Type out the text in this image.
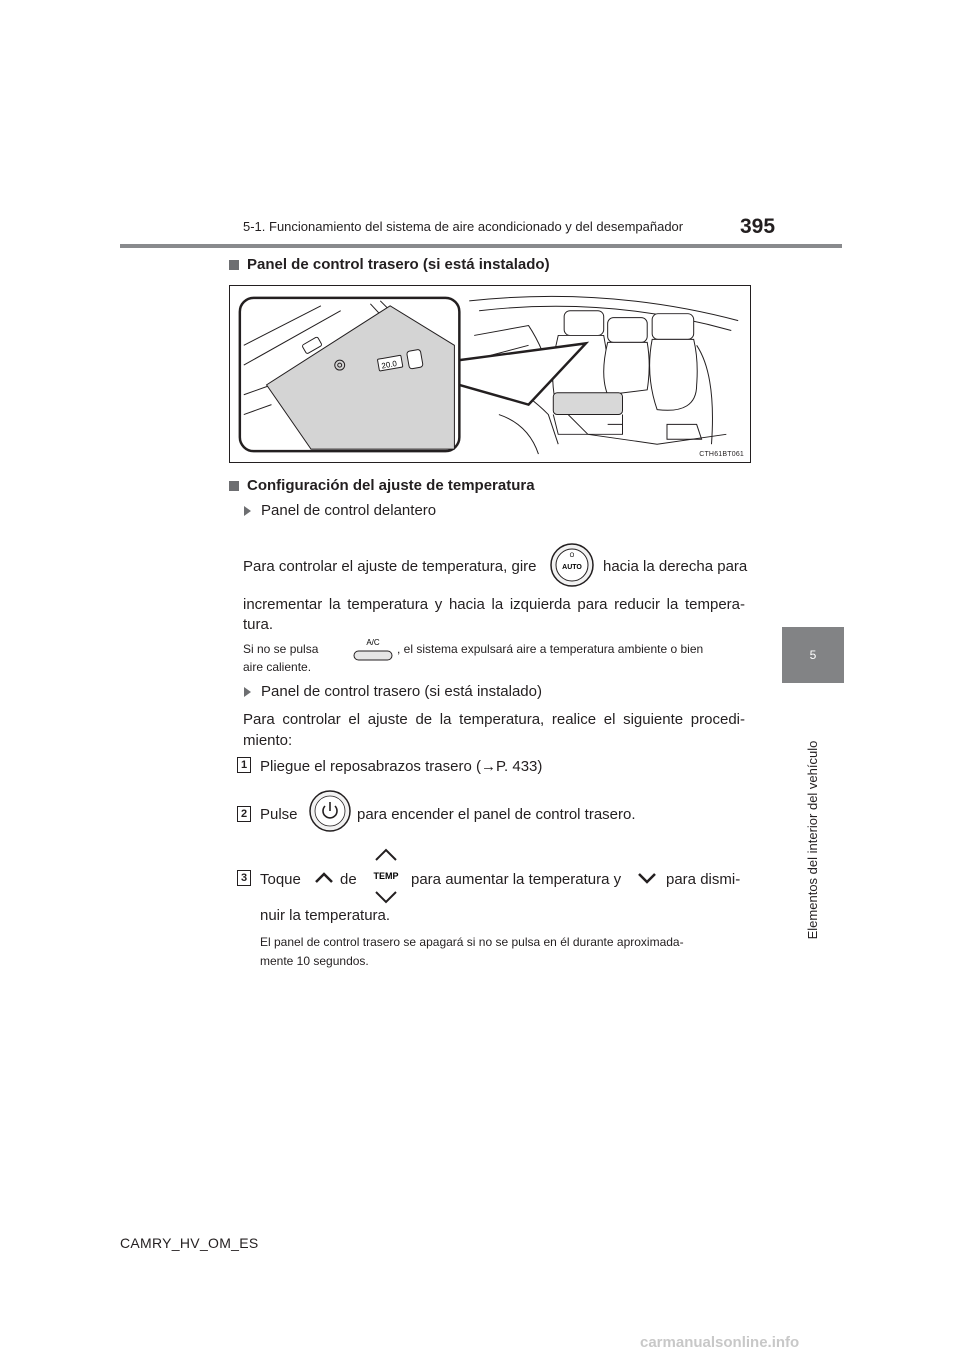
5-1. Funcionamiento del sistema de aire acondicionado y del desempañador	395
5
Elementos del interior del vehículo
Panel de control trasero (si está instalado)
20.0
CTH61BT061
Configuración del ajuste de temperatura
Panel de control delantero
Para controlar el ajuste de temperatura, gire
O
AUTO hacia la derecha para
incrementar la temperatura y hacia la izquierda para reducir la tempera-
tura.
Si no se pulsa	A/C , el sistema expulsará aire a temperatura ambiente o bien
aire caliente.
Panel de control trasero (si está instalado)
Para controlar el ajuste de la temperatura, realice el siguiente procedi-
miento:
1 Pliegue el reposabrazos trasero (→P. 433)
2 Pulse	para encender el panel de control trasero.
3 Toque	de TEMP para aumentar la temperatura y	para dismi-
nuir la temperatura.
El panel de control trasero se apagará si no se pulsa en él durante aproximada-
mente 10 segundos.
CAMRY_HV_OM_ES
carmanualsonline.info
